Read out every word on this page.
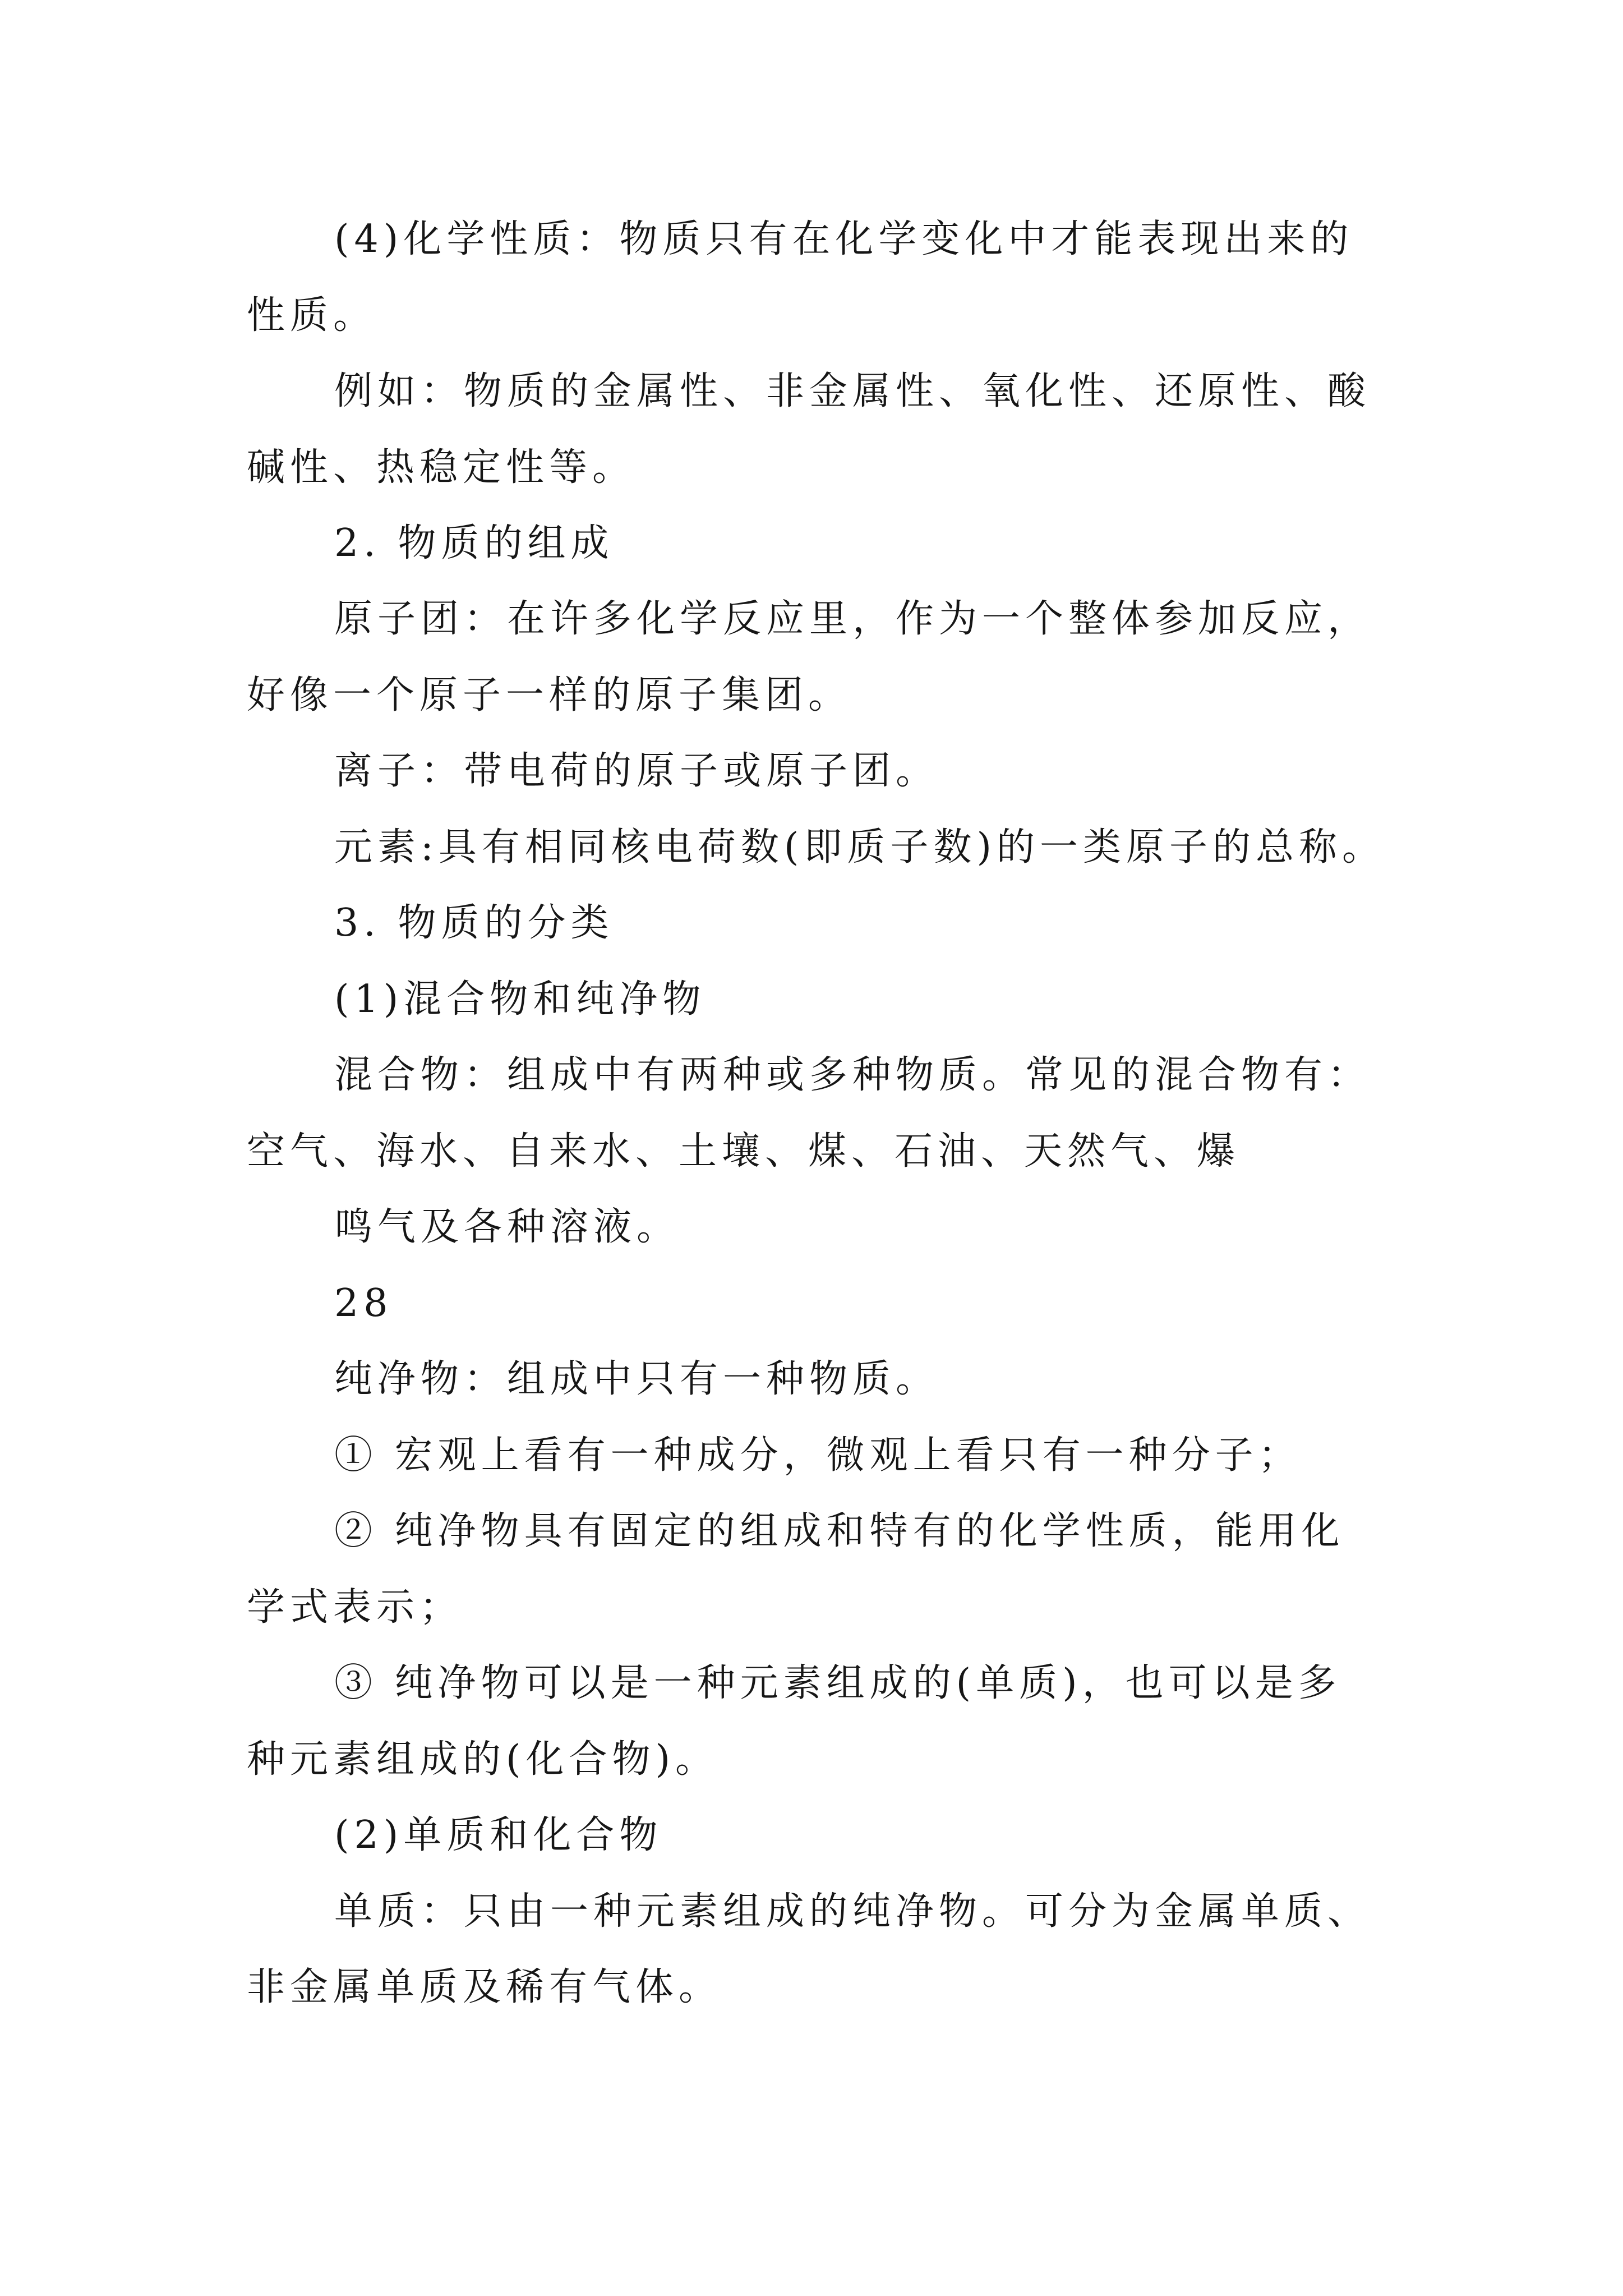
(4)化学性质：物质只有在化学变化中才能表现出来的
性质。
例如：物质的金属性、非金属性、氧化性、还原性、酸
碱性、热稳定性等。
2. 物质的组成
原子团：在许多化学反应里，作为一个整体参加反应，
好像一个原子一样的原子集团。
离子：带电荷的原子或原子团。
元素:具有相同核电荷数(即质子数)的一类原子的总称。
3. 物质的分类
(1)混合物和纯净物
混合物：组成中有两种或多种物质。常见的混合物有：
空气、海水、自来水、土壤、煤、石油、天然气、爆
鸣气及各种溶液。
28
纯净物：组成中只有一种物质。
① 宏观上看有一种成分，微观上看只有一种分子；
② 纯净物具有固定的组成和特有的化学性质，能用化
学式表示；
③ 纯净物可以是一种元素组成的(单质)，也可以是多
种元素组成的(化合物)。
(2)单质和化合物
单质：只由一种元素组成的纯净物。可分为金属单质、
非金属单质及稀有气体。
